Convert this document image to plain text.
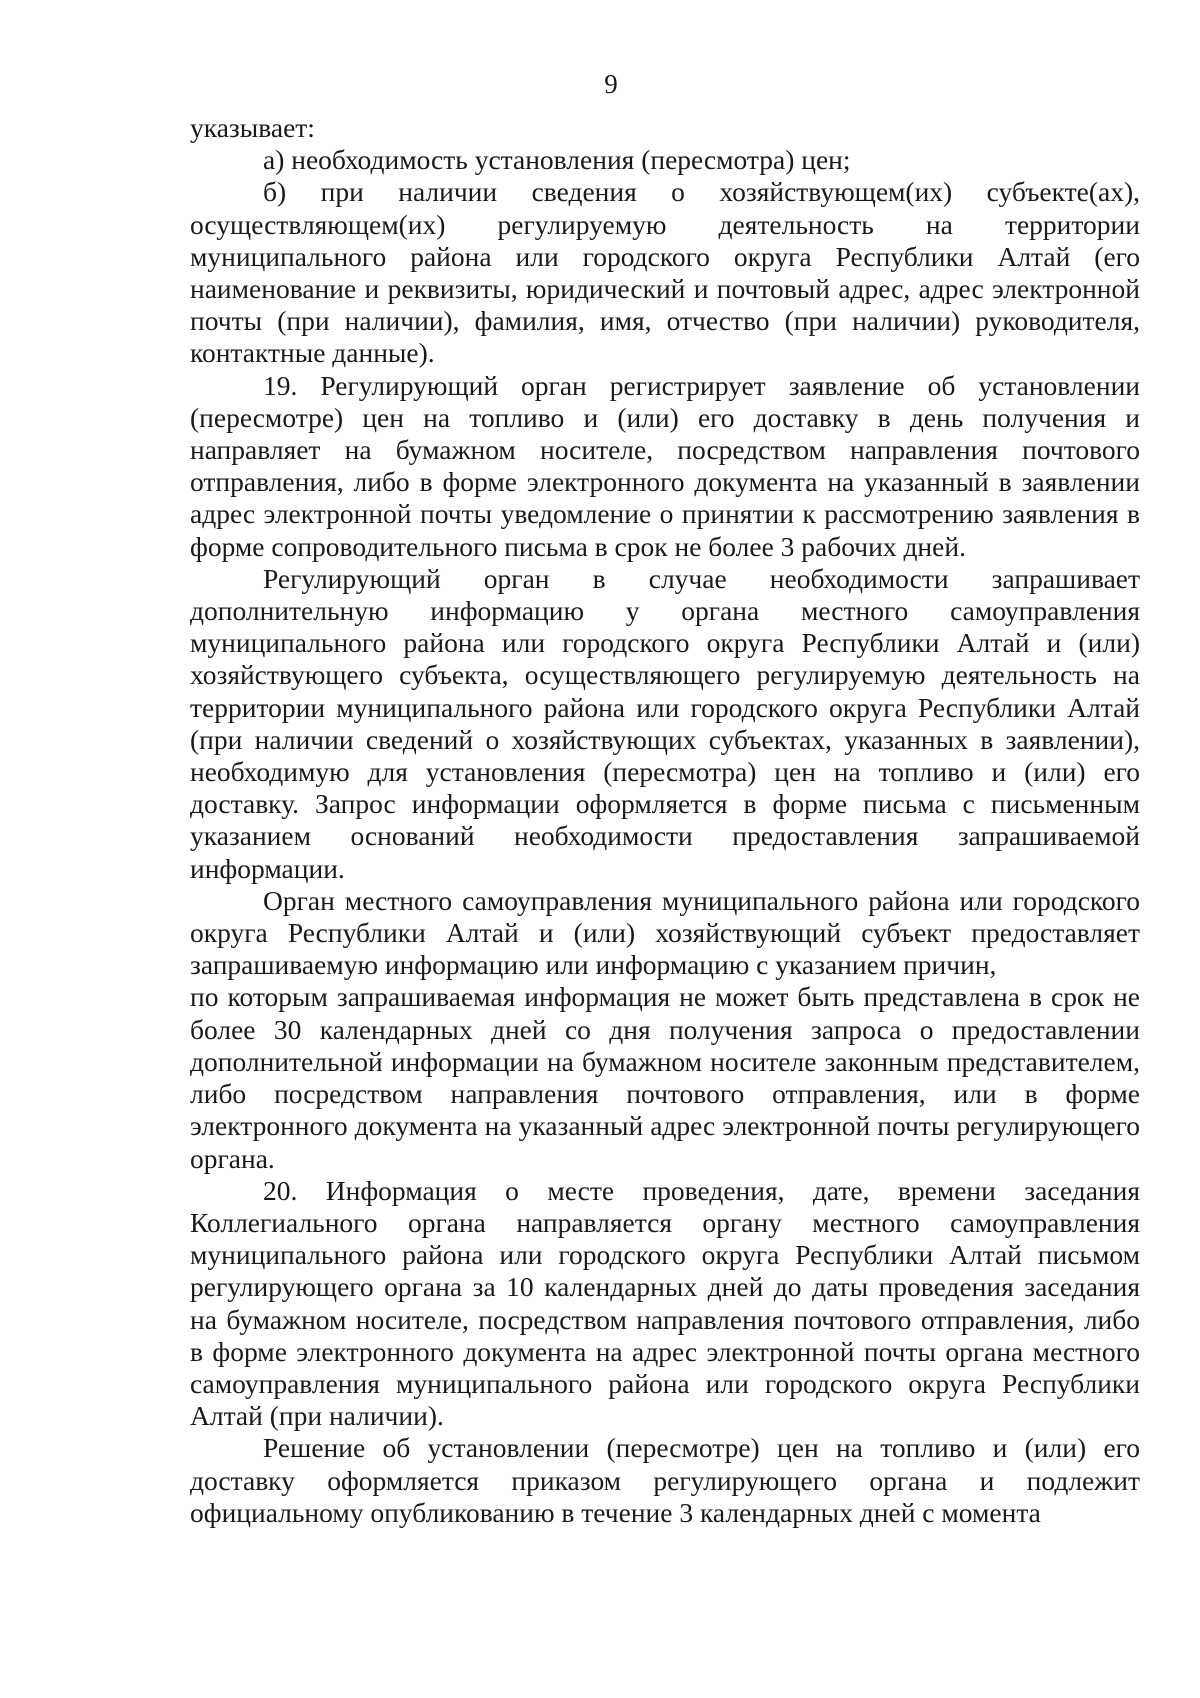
9

указывает:

а) необходимость установления (пересмотра) цен;

б) при наличии сведения о хозяйствующем(их) субъекте(ах), осуществляющем(их) регулируемую деятельность на территории муниципального района или городского округа Республики Алтай (его наименование и реквизиты, юридический и почтовый адрес, адрес электронной почты (при наличии), фамилия, имя, отчество (при наличии) руководителя, контактные данные).

19. Регулирующий орган регистрирует заявление об установлении (пересмотре) цен на топливо и (или) его доставку в день получения и направляет на бумажном носителе, посредством направления почтового отправления, либо в форме электронного документа на указанный в заявлении адрес электронной почты уведомление о принятии к рассмотрению заявления в форме сопроводительного письма в срок не более 3 рабочих дней.

Регулирующий орган в случае необходимости запрашивает дополнительную информацию у органа местного самоуправления муниципального района или городского округа Республики Алтай и (или) хозяйствующего субъекта, осуществляющего регулируемую деятельность на территории муниципального района или городского округа Республики Алтай (при наличии сведений о хозяйствующих субъектах, указанных в заявлении), необходимую для установления (пересмотра) цен на топливо и (или) его доставку. Запрос информации оформляется в форме письма с письменным указанием оснований необходимости предоставления запрашиваемой информации.

Орган местного самоуправления муниципального района или городского округа Республики Алтай и (или) хозяйствующий субъект предоставляет запрашиваемую информацию или информацию с указанием причин,

по которым запрашиваемая информация не может быть представлена в срок не более 30 календарных дней со дня получения запроса о предоставлении дополнительной информации на бумажном носителе законным представителем, либо посредством направления почтового отправления, или в форме электронного документа на указанный адрес электронной почты регулирующего органа.

20. Информация о месте проведения, дате, времени заседания Коллегиального органа направляется органу местного самоуправления муниципального района или городского округа Республики Алтай письмом регулирующего органа за 10 календарных дней до даты проведения заседания на бумажном носителе, посредством направления почтового отправления, либо в форме электронного документа на адрес электронной почты органа местного самоуправления муниципального района или городского округа Республики Алтай (при наличии).

Решение об установлении (пересмотре) цен на топливо и (или) его доставку оформляется приказом регулирующего органа и подлежит официальному опубликованию в течение 3 календарных дней с момента
